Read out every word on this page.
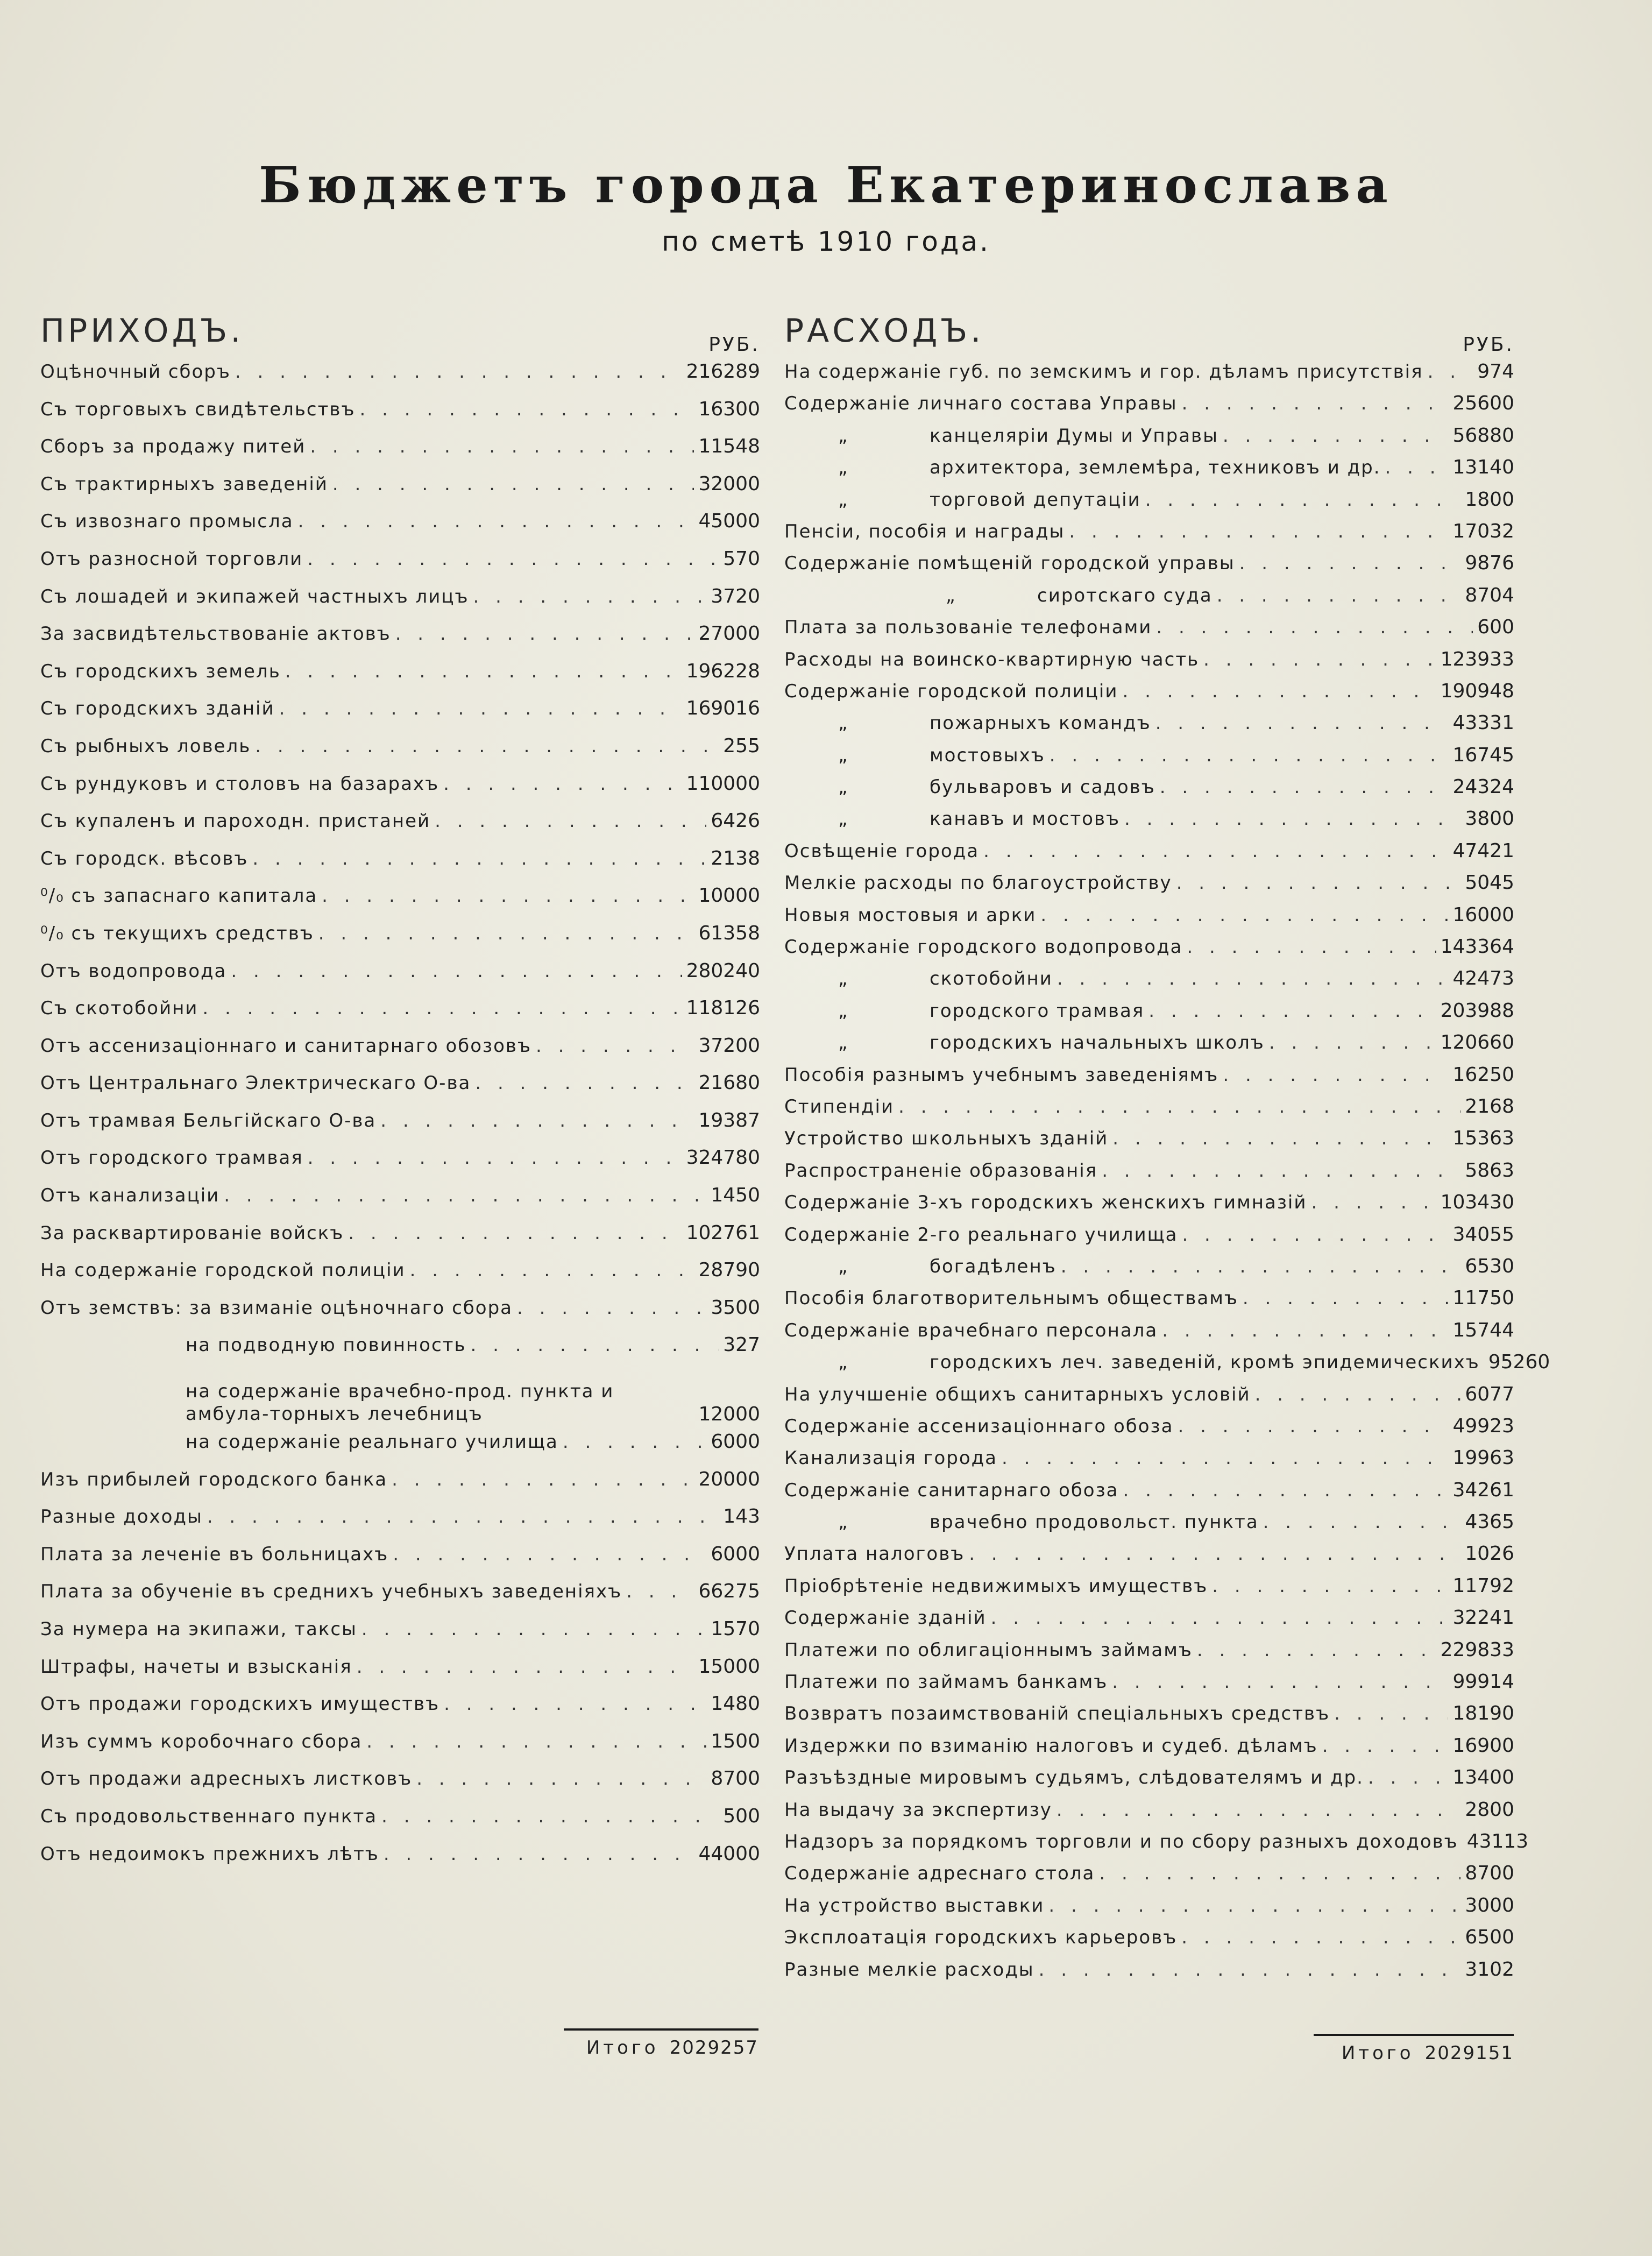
Бюджетъ города Екатеринослава
по сметѣ 1910 года.
ПРИХОДЪ.	РУБ.
Оцѣночный сборъ . . .	216289
Съ торговыхъ свидѣтельствъ . . .	16300
Сборъ за продажу питей . . .	11548
Съ трактирныхъ заведеній . . .	32000
Съ извознаго промысла . . .	45000
Отъ разносной торговли . . .	570
Съ лошадей и экипажей частныхъ лицъ . . .	3720
За засвидѣтельствованіе актовъ . . .	27000
Съ городскихъ земель . . .	196228
Съ городскихъ зданій . . .	169016
Съ рыбныхъ ловель . . .	255
Съ рундуковъ и столовъ на базарахъ . . .	110000
Съ купаленъ и пароходн. пристаней . . .	6426
Съ городск. вѣсовъ . . .	2138
⁰/₀ съ запаснаго капитала . . .	10000
⁰/₀ съ текущихъ средствъ . . .	61358
Отъ водопровода . . .	280240
Съ скотобойни . . .	118126
Отъ ассенизаціоннаго и санитарнаго обозовъ . . .	37200
Отъ Центральнаго Электрическаго О-ва . . .	21680
Отъ трамвая Бельгійскаго О-ва . . .	19387
Отъ городского трамвая . . .	324780
Отъ канализаціи . . .	1450
За расквартированіе войскъ . . .	102761
На содержаніе городской полиціи . . .	28790
Отъ земствъ: за взиманіе оцѣночнаго сбора . . .	3500
на подводную повинность . . .	327
на содержаніе врачебно-прод. пункта и амбула-торныхъ лечебницъ	12000
на содержаніе реальнаго училища . . .	6000
Изъ прибылей городского банка . . .	20000
Разные доходы . . .	143
Плата за леченіе въ больницахъ . . .	6000
Плата за обученіе въ среднихъ учебныхъ заведеніяхъ . . .	66275
За нумера на экипажи, таксы . . .	1570
Штрафы, начеты и взысканія . . .	15000
Отъ продажи городскихъ имуществъ . . .	1480
Изъ суммъ коробочнаго сбора . . .	1500
Отъ продажи адресныхъ листковъ . . .	8700
Съ продовольственнаго пункта . . .	500
Отъ недоимокъ прежнихъ лѣтъ . . .	44000
РАСХОДЪ.	РУБ.
На содержаніе губ. по земскимъ и гор. дѣламъ присутствія . . .	974
Содержаніе личнаго состава Управы . . .	25600
„ канцеляріи Думы и Управы . . .	56880
„ архитектора, землемѣра, техниковъ и др. . . .	13140
„ торговой депутаціи . . .	1800
Пенсіи, пособія и награды . . .	17032
Содержаніе помѣщеній городской управы . . .	9876
„ сиротскаго суда . . .	8704
Плата за пользованіе телефонами . . .	600
Расходы на воинско-квартирную часть . . .	123933
Содержаніе городской полиціи . . .	190948
„ пожарныхъ командъ . . .	43331
„ мостовыхъ . . .	16745
„ бульваровъ и садовъ . . .	24324
„ канавъ и мостовъ . . .	3800
Освѣщеніе города . . .	47421
Мелкіе расходы по благоустройству . . .	5045
Новыя мостовыя и арки . . .	16000
Содержаніе городского водопровода . . .	143364
„ скотобойни . . .	42473
„ городского трамвая . . .	203988
„ городскихъ начальныхъ школъ . . .	120660
Пособія разнымъ учебнымъ заведеніямъ . . .	16250
Стипендіи . . .	2168
Устройство школьныхъ зданій . . .	15363
Распространеніе образованія . . .	5863
Содержаніе 3-хъ городскихъ женскихъ гимназій . . .	103430
Содержаніе 2-го реальнаго училища . . .	34055
„ богадѣленъ . . .	6530
Пособія благотворительнымъ обществамъ . . .	11750
Содержаніе врачебнаго персонала . . .	15744
„ городскихъ леч. заведеній, кромѣ эпидемическихъ 95260
На улучшеніе общихъ санитарныхъ условій . . .	6077
Содержаніе ассенизаціоннаго обоза . . .	49923
Канализація города . . .	19963
Содержаніе санитарнаго обоза . . .	34261
„ врачебно продовольст. пункта . . .	4365
Уплата налоговъ . . .	1026
Пріобрѣтеніе недвижимыхъ имуществъ . . .	11792
Содержаніе зданій . . .	32241
Платежи по облигаціоннымъ займамъ . . .	229833
Платежи по займамъ банкамъ . . .	99914
Возвратъ позаимствованій спеціальныхъ средствъ . . .	18190
Издержки по взиманію налоговъ и судеб. дѣламъ . . .	16900
Разъѣздные мировымъ судьямъ, слѣдователямъ и др. . . .	13400
На выдачу за экспертизу . . .	2800
Надзоръ за порядкомъ торговли и по сбору разныхъ доходовъ 43113
Содержаніе адреснаго стола . . .	8700
На устройство выставки . . .	3000
Эксплоатація городскихъ карьеровъ . . .	6500
Разные мелкіе расходы . . .	3102
Итого 2029257	Итого 2029151
